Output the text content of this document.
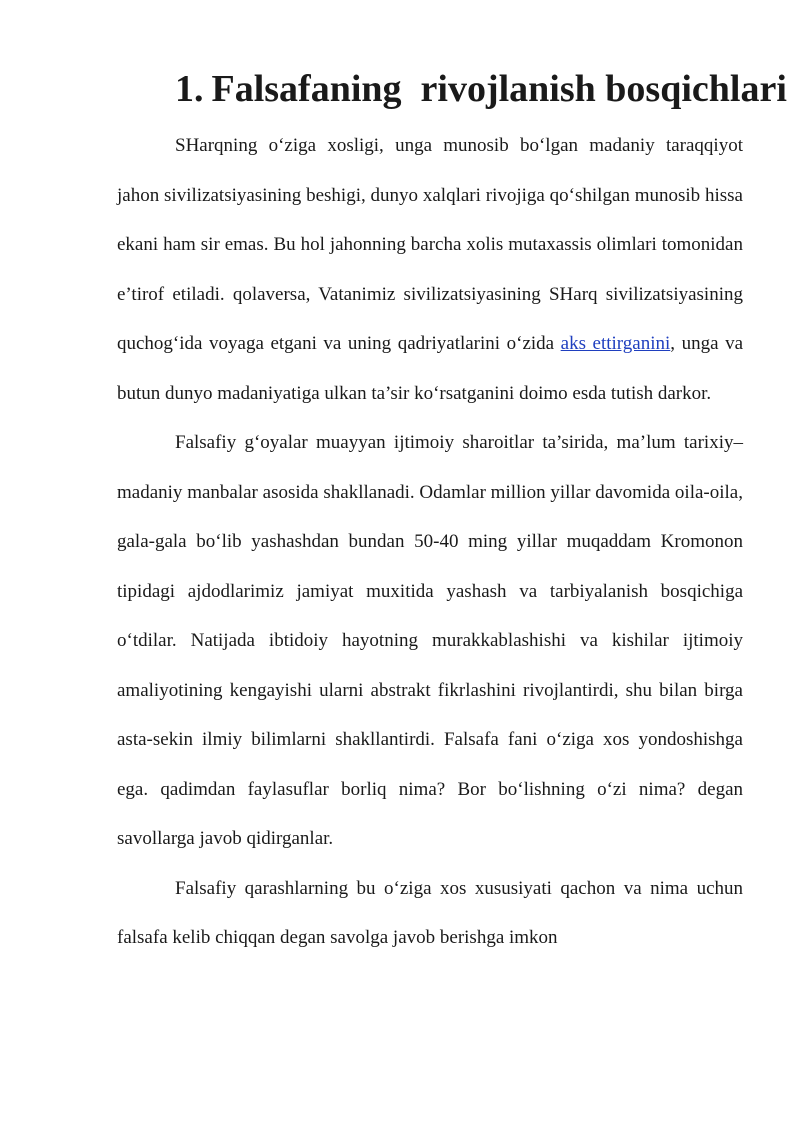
1. Falsafaning  rivojlanish bosqichlari

SHarqning o‘ziga xosligi, unga munosib bo‘lgan madaniy taraqqiyot jahon sivilizatsiyasining beshigi, dunyo xalqlari rivojiga qo‘shilgan munosib hissa ekani ham sir emas. Bu hol jahonning barcha xolis mutaxassis olimlari tomonidan e’tirof etiladi. qolaversa, Vatanimiz sivilizatsiyasining SHarq sivilizatsiyasining quchog‘ida voyaga etgani va uning qadriyatlarini o‘zida aks ettirganini, unga va butun dunyo madaniyatiga ulkan ta’sir ko‘rsatganini doimo esda tutish darkor.

Falsafiy g‘oyalar muayyan ijtimoiy sharoitlar ta’sirida, ma’lum tarixiy–madaniy manbalar asosida shakllanadi. Odamlar million yillar davomida oila-oila, gala-gala bo‘lib yashashdan bundan 50-40 ming yillar muqaddam Kromonon tipidagi ajdodlarimiz jamiyat muxitida yashash va tarbiyalanish bosqichiga o‘tdilar. Natijada ibtidoiy hayotning murakkablashishi va kishilar ijtimoiy amaliyotining kengayishi ularni abstrakt fikrlashini rivojlantirdi, shu bilan birga asta-sekin ilmiy bilimlarni shakllantirdi. Falsafa fani o‘ziga xos yondoshishga ega. qadimdan faylasuflar borliq nima? Bor bo‘lishning o‘zi nima? degan savollarga javob qidirganlar.

Falsafiy qarashlarning bu o‘ziga xos xususiyati qachon va nima uchun falsafa kelib chiqqan degan savolga javob berishga imkon
